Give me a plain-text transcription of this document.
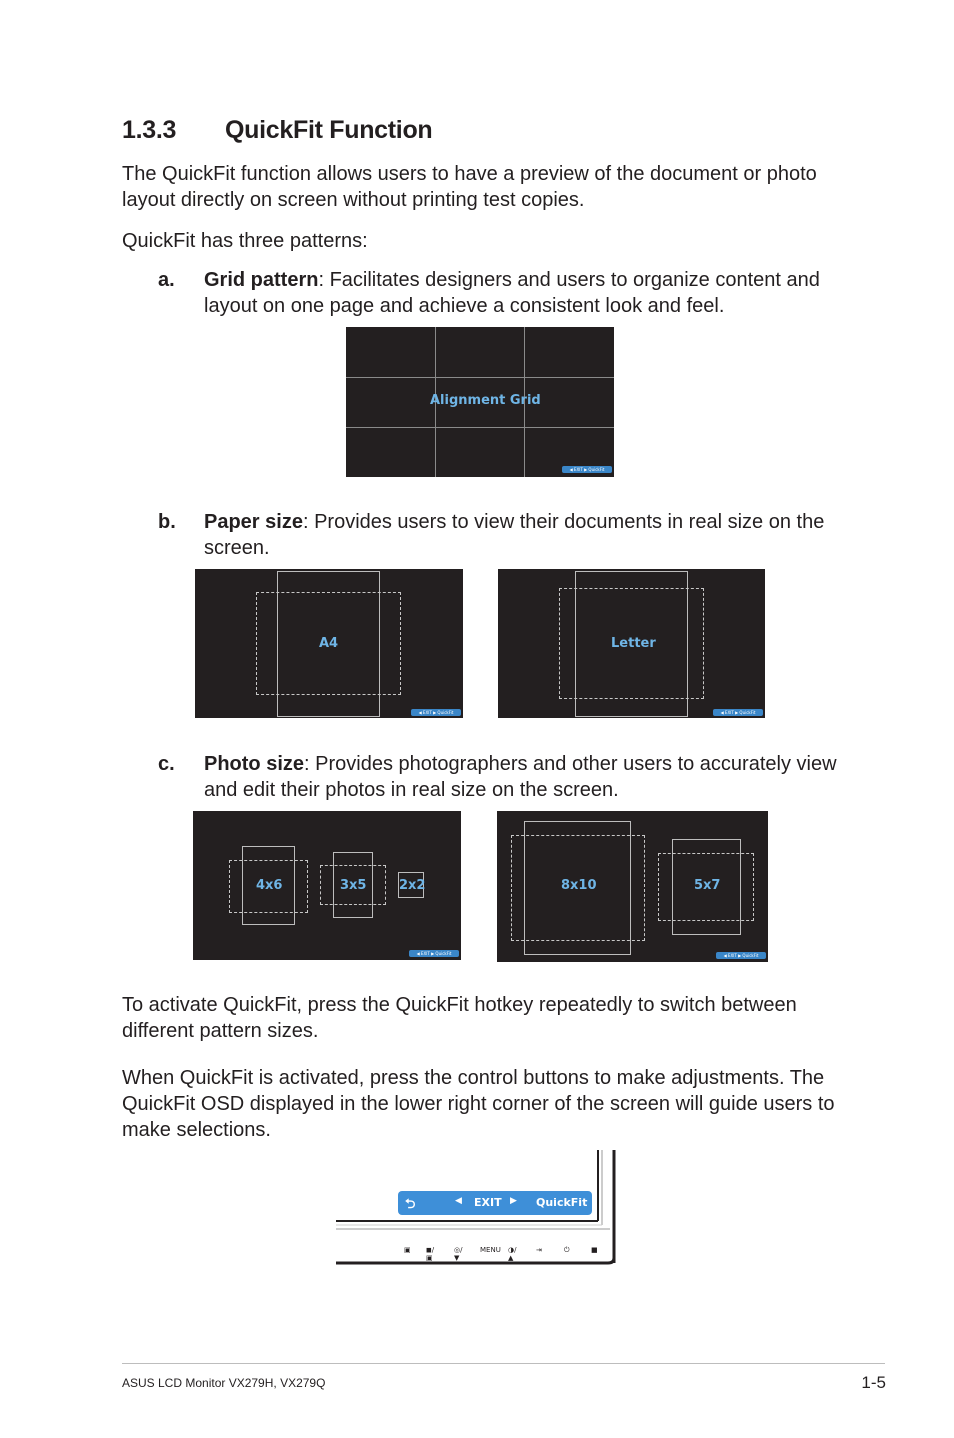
1.3.3 QuickFit Function
The QuickFit function allows users to have a preview of the document or photo layout directly on screen without printing test copies.
QuickFit has three patterns:
a. Grid pattern: Facilitates designers and users to organize content and layout on one page and achieve a consistent look and feel.
Alignment Grid
◀ EXIT ▶ QuickFit
b. Paper size: Provides users to view their documents in real size on the screen.
A4
◀ EXIT ▶ QuickFit
Letter
◀ EXIT ▶ QuickFit
c. Photo size: Provides photographers and other users to accurately view and edit their photos in real size on the screen.
4x6	3x5	2x2
◀ EXIT ▶ QuickFit
8x10	5x7
◀ EXIT ▶ QuickFit
To activate QuickFit, press the QuickFit hotkey repeatedly to switch between different pattern sizes.
When QuickFit is activated, press the control buttons to make adjustments. The QuickFit OSD displayed in the lower right corner of the screen will guide users to make selections.
⮌	◀ EXIT ▶ QuickFit
▣ ◼/▣
◎/▼
MENU ◑/▲
⇥	⏻	■
ASUS LCD Monitor VX279H, VX279Q	1-5
